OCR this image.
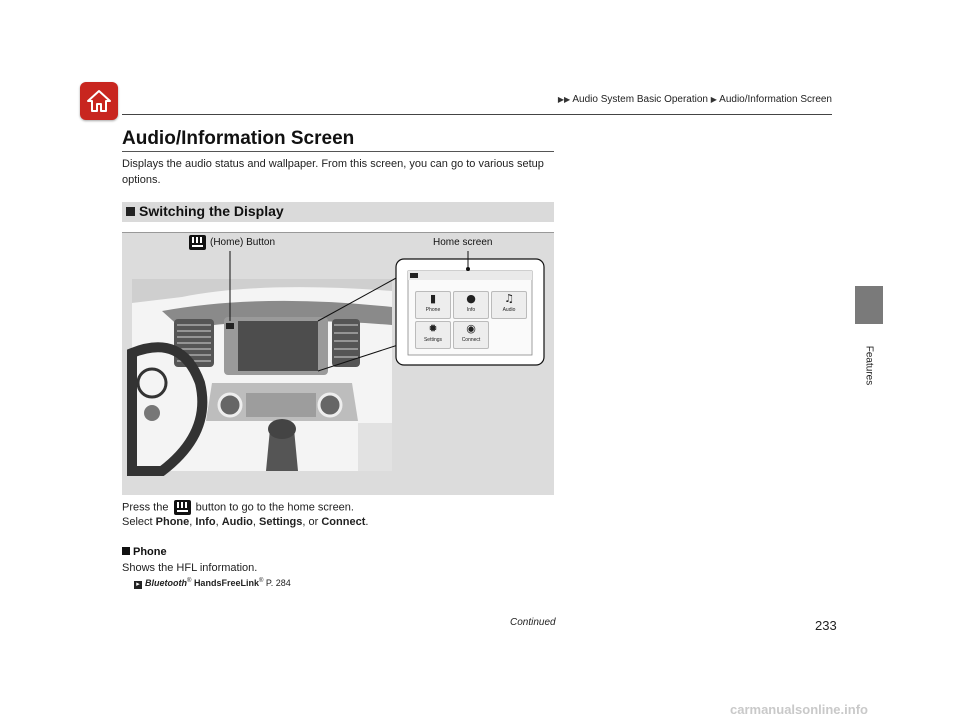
▶▶ Audio System Basic Operation ▶ Audio/Information Screen
Features
Audio/Information Screen
Displays the audio status and wallpaper. From this screen, you can go to various setup options.
Switching the Display
▮
Phone
●
Info
♫
Audio
✹
Settings
◉
Connect
(Home) Button	Home screen
Press the button to go to the home screen.
Select Phone, Info, Audio, Settings, or Connect.
Phone
Shows the HFL information.
▸ Bluetooth® HandsFreeLink® P. 284
Continued	233
carmanualsonline.info
